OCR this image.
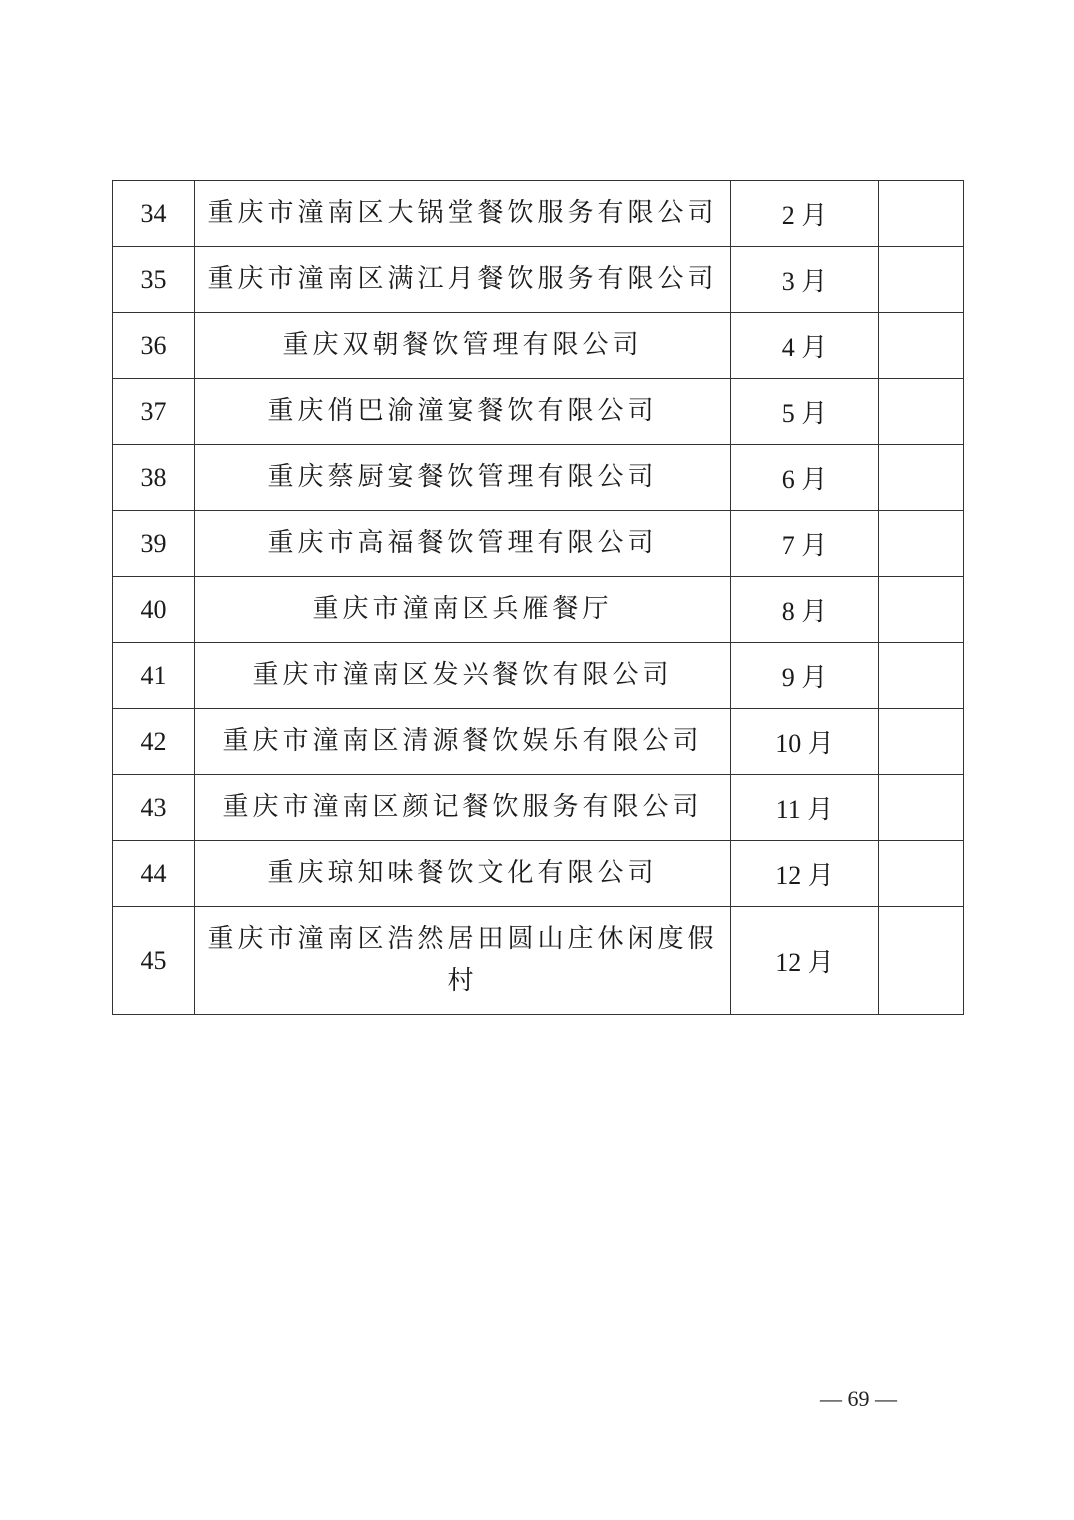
34	重庆市潼南区大锅堂餐饮服务有限公司	2 月	
35	重庆市潼南区满江月餐饮服务有限公司	3 月	
36	重庆双朝餐饮管理有限公司	4 月	
37	重庆俏巴渝潼宴餐饮有限公司	5 月	
38	重庆蔡厨宴餐饮管理有限公司	6 月	
39	重庆市高福餐饮管理有限公司	7 月	
40	重庆市潼南区兵雁餐厅	8 月	
41	重庆市潼南区发兴餐饮有限公司	9 月	
42	重庆市潼南区清源餐饮娱乐有限公司	10 月	
43	重庆市潼南区颜记餐饮服务有限公司	11 月	
44	重庆琼知味餐饮文化有限公司	12 月	
45	重庆市潼南区浩然居田圆山庄休闲度假村	12 月	
— 69 —
